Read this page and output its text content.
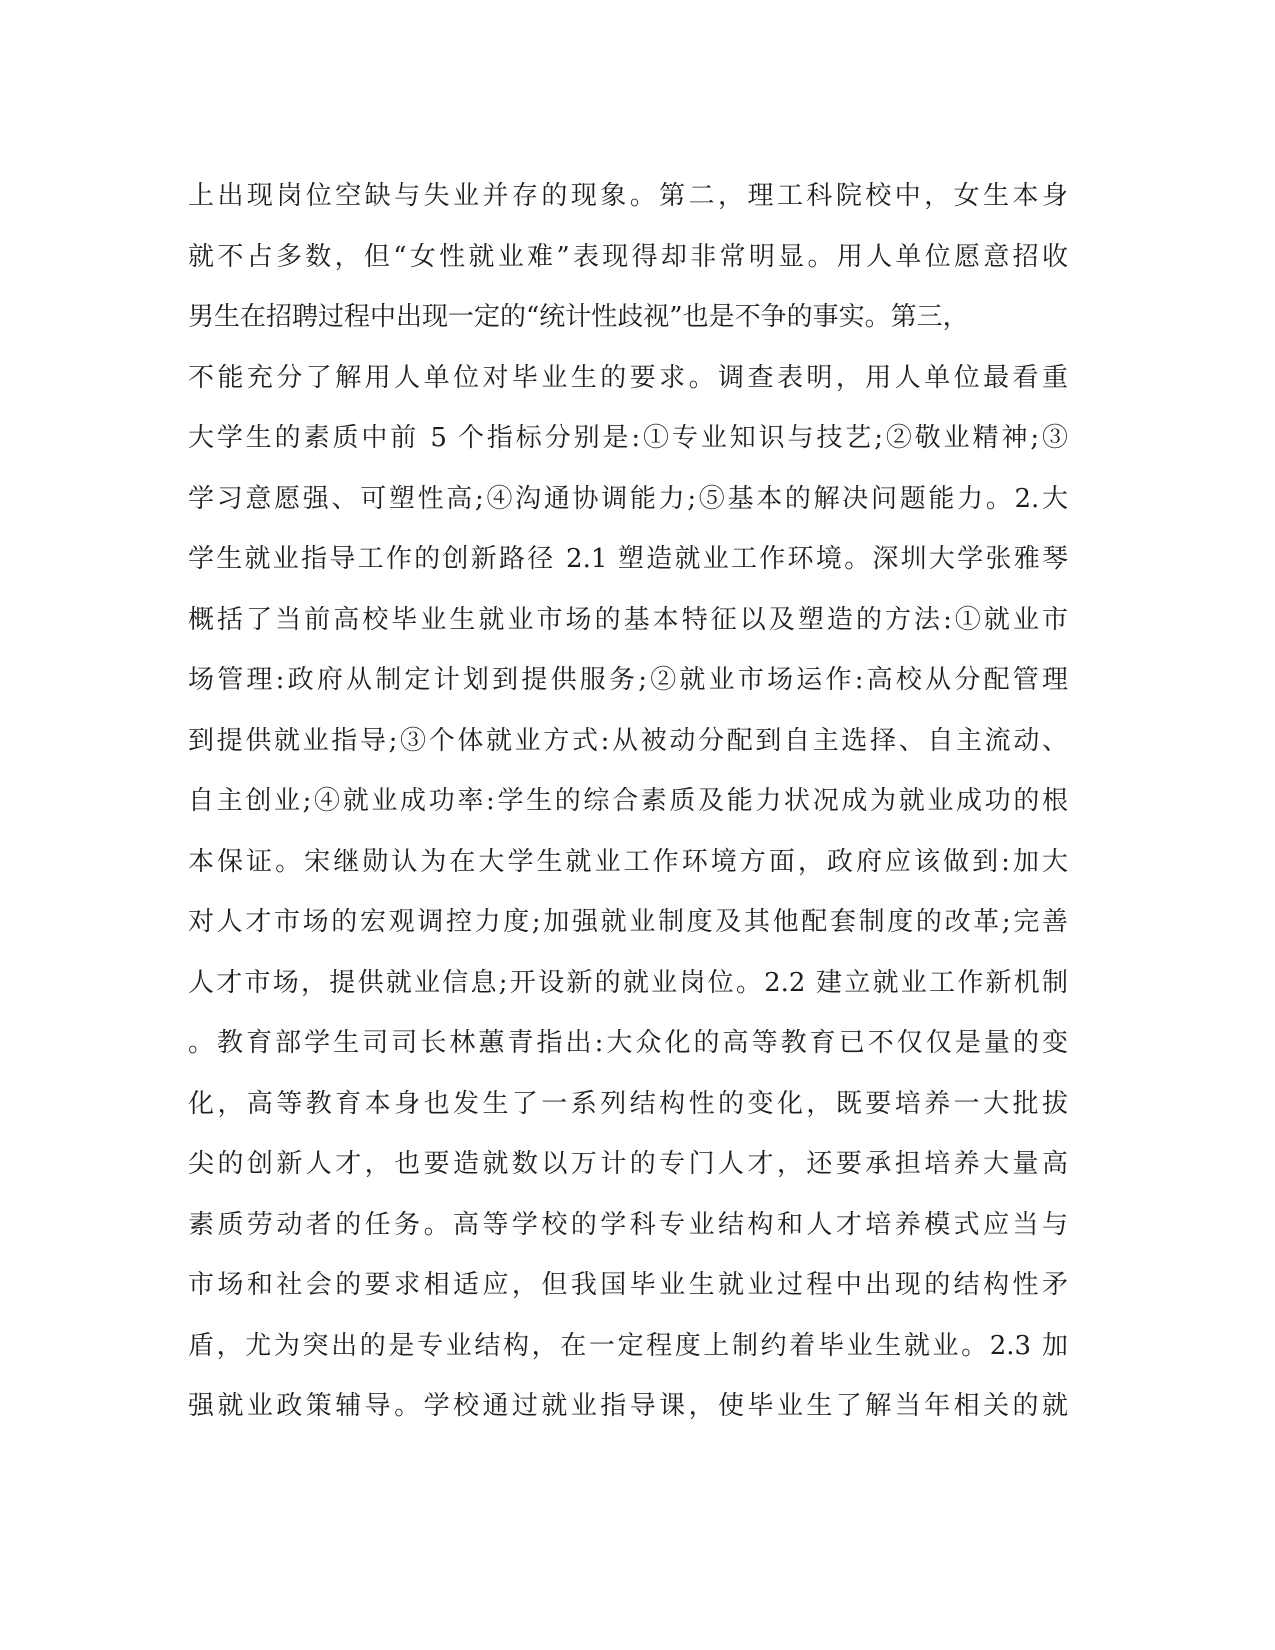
上出现岗位空缺与失业并存的现象。第二，理工科院校中，女生本身
就不占多数，但“女性就业难”表现得却非常明显。用人单位愿意招收
男生在招聘过程中出现一定的“统计性歧视”也是不争的事实。第三，
不能充分了解用人单位对毕业生的要求。调查表明，用人单位最看重
大学生的素质中前 5 个指标分别是:①专业知识与技艺;②敬业精神;③
学习意愿强、可塑性高;④沟通协调能力;⑤基本的解决问题能力。2.大
学生就业指导工作的创新路径 2.1 塑造就业工作环境。深圳大学张雅琴
概括了当前高校毕业生就业市场的基本特征以及塑造的方法:①就业市
场管理:政府从制定计划到提供服务;②就业市场运作:高校从分配管理
到提供就业指导;③个体就业方式:从被动分配到自主选择、自主流动、
自主创业;④就业成功率:学生的综合素质及能力状况成为就业成功的根
本保证。宋继勋认为在大学生就业工作环境方面，政府应该做到:加大
对人才市场的宏观调控力度;加强就业制度及其他配套制度的改革;完善
人才市场，提供就业信息;开设新的就业岗位。2.2 建立就业工作新机制
。教育部学生司司长林蕙青指出:大众化的高等教育已不仅仅是量的变
化，高等教育本身也发生了一系列结构性的变化，既要培养一大批拔
尖的创新人才，也要造就数以万计的专门人才，还要承担培养大量高
素质劳动者的任务。高等学校的学科专业结构和人才培养模式应当与
市场和社会的要求相适应，但我国毕业生就业过程中出现的结构性矛
盾，尤为突出的是专业结构，在一定程度上制约着毕业生就业。2.3 加
强就业政策辅导。学校通过就业指导课，使毕业生了解当年相关的就
